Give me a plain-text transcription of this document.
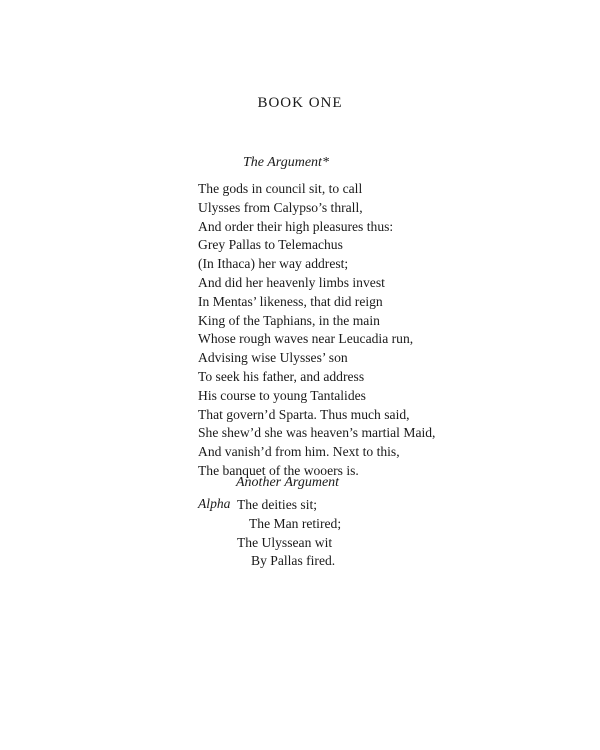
BOOK ONE
The Argument*
The gods in council sit, to call
Ulysses from Calypso’s thrall,
And order their high pleasures thus:
Grey Pallas to Telemachus
(In Ithaca) her way addrest;
And did her heavenly limbs invest
In Mentas’ likeness, that did reign
King of the Taphians, in the main
Whose rough waves near Leucadia run,
Advising wise Ulysses’ son
To seek his father, and address
His course to young Tantalides
That govern’d Sparta. Thus much said,
She shew’d she was heaven’s martial Maid,
And vanish’d from him. Next to this,
The banquet of the wooers is.
Another Argument
Alpha The deities sit;
The Man retired;
The Ulyssean wit
By Pallas fired.
